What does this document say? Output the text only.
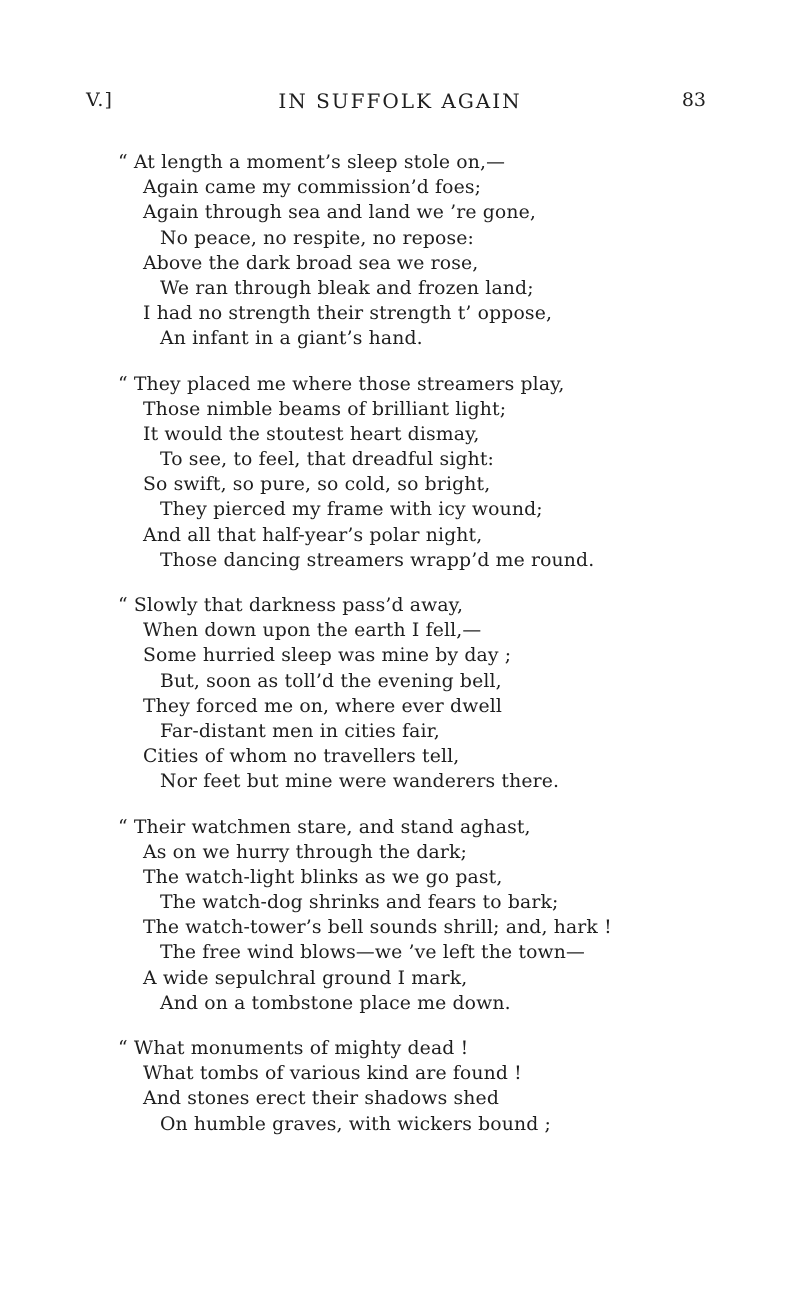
V.]	IN SUFFOLK AGAIN	83
“ At length a moment’s sleep stole on,—
Again came my commission’d foes;
Again through sea and land we ’re gone,
No peace, no respite, no repose:
Above the dark broad sea we rose,
We ran through bleak and frozen land;
I had no strength their strength t’ oppose,
An infant in a giant’s hand.
“ They placed me where those streamers play,
Those nimble beams of brilliant light;
It would the stoutest heart dismay,
To see, to feel, that dreadful sight:
So swift, so pure, so cold, so bright,
They pierced my frame with icy wound;
And all that half-year’s polar night,
Those dancing streamers wrapp’d me round.
“ Slowly that darkness pass’d away,
When down upon the earth I fell,—
Some hurried sleep was mine by day ;
But, soon as toll’d the evening bell,
They forced me on, where ever dwell
Far-distant men in cities fair,
Cities of whom no travellers tell,
Nor feet but mine were wanderers there.
“ Their watchmen stare, and stand aghast,
As on we hurry through the dark;
The watch-light blinks as we go past,
The watch-dog shrinks and fears to bark;
The watch-tower’s bell sounds shrill; and, hark !
The free wind blows—we ’ve left the town—
A wide sepulchral ground I mark,
And on a tombstone place me down.
“ What monuments of mighty dead !
What tombs of various kind are found !
And stones erect their shadows shed
On humble graves, with wickers bound ;
